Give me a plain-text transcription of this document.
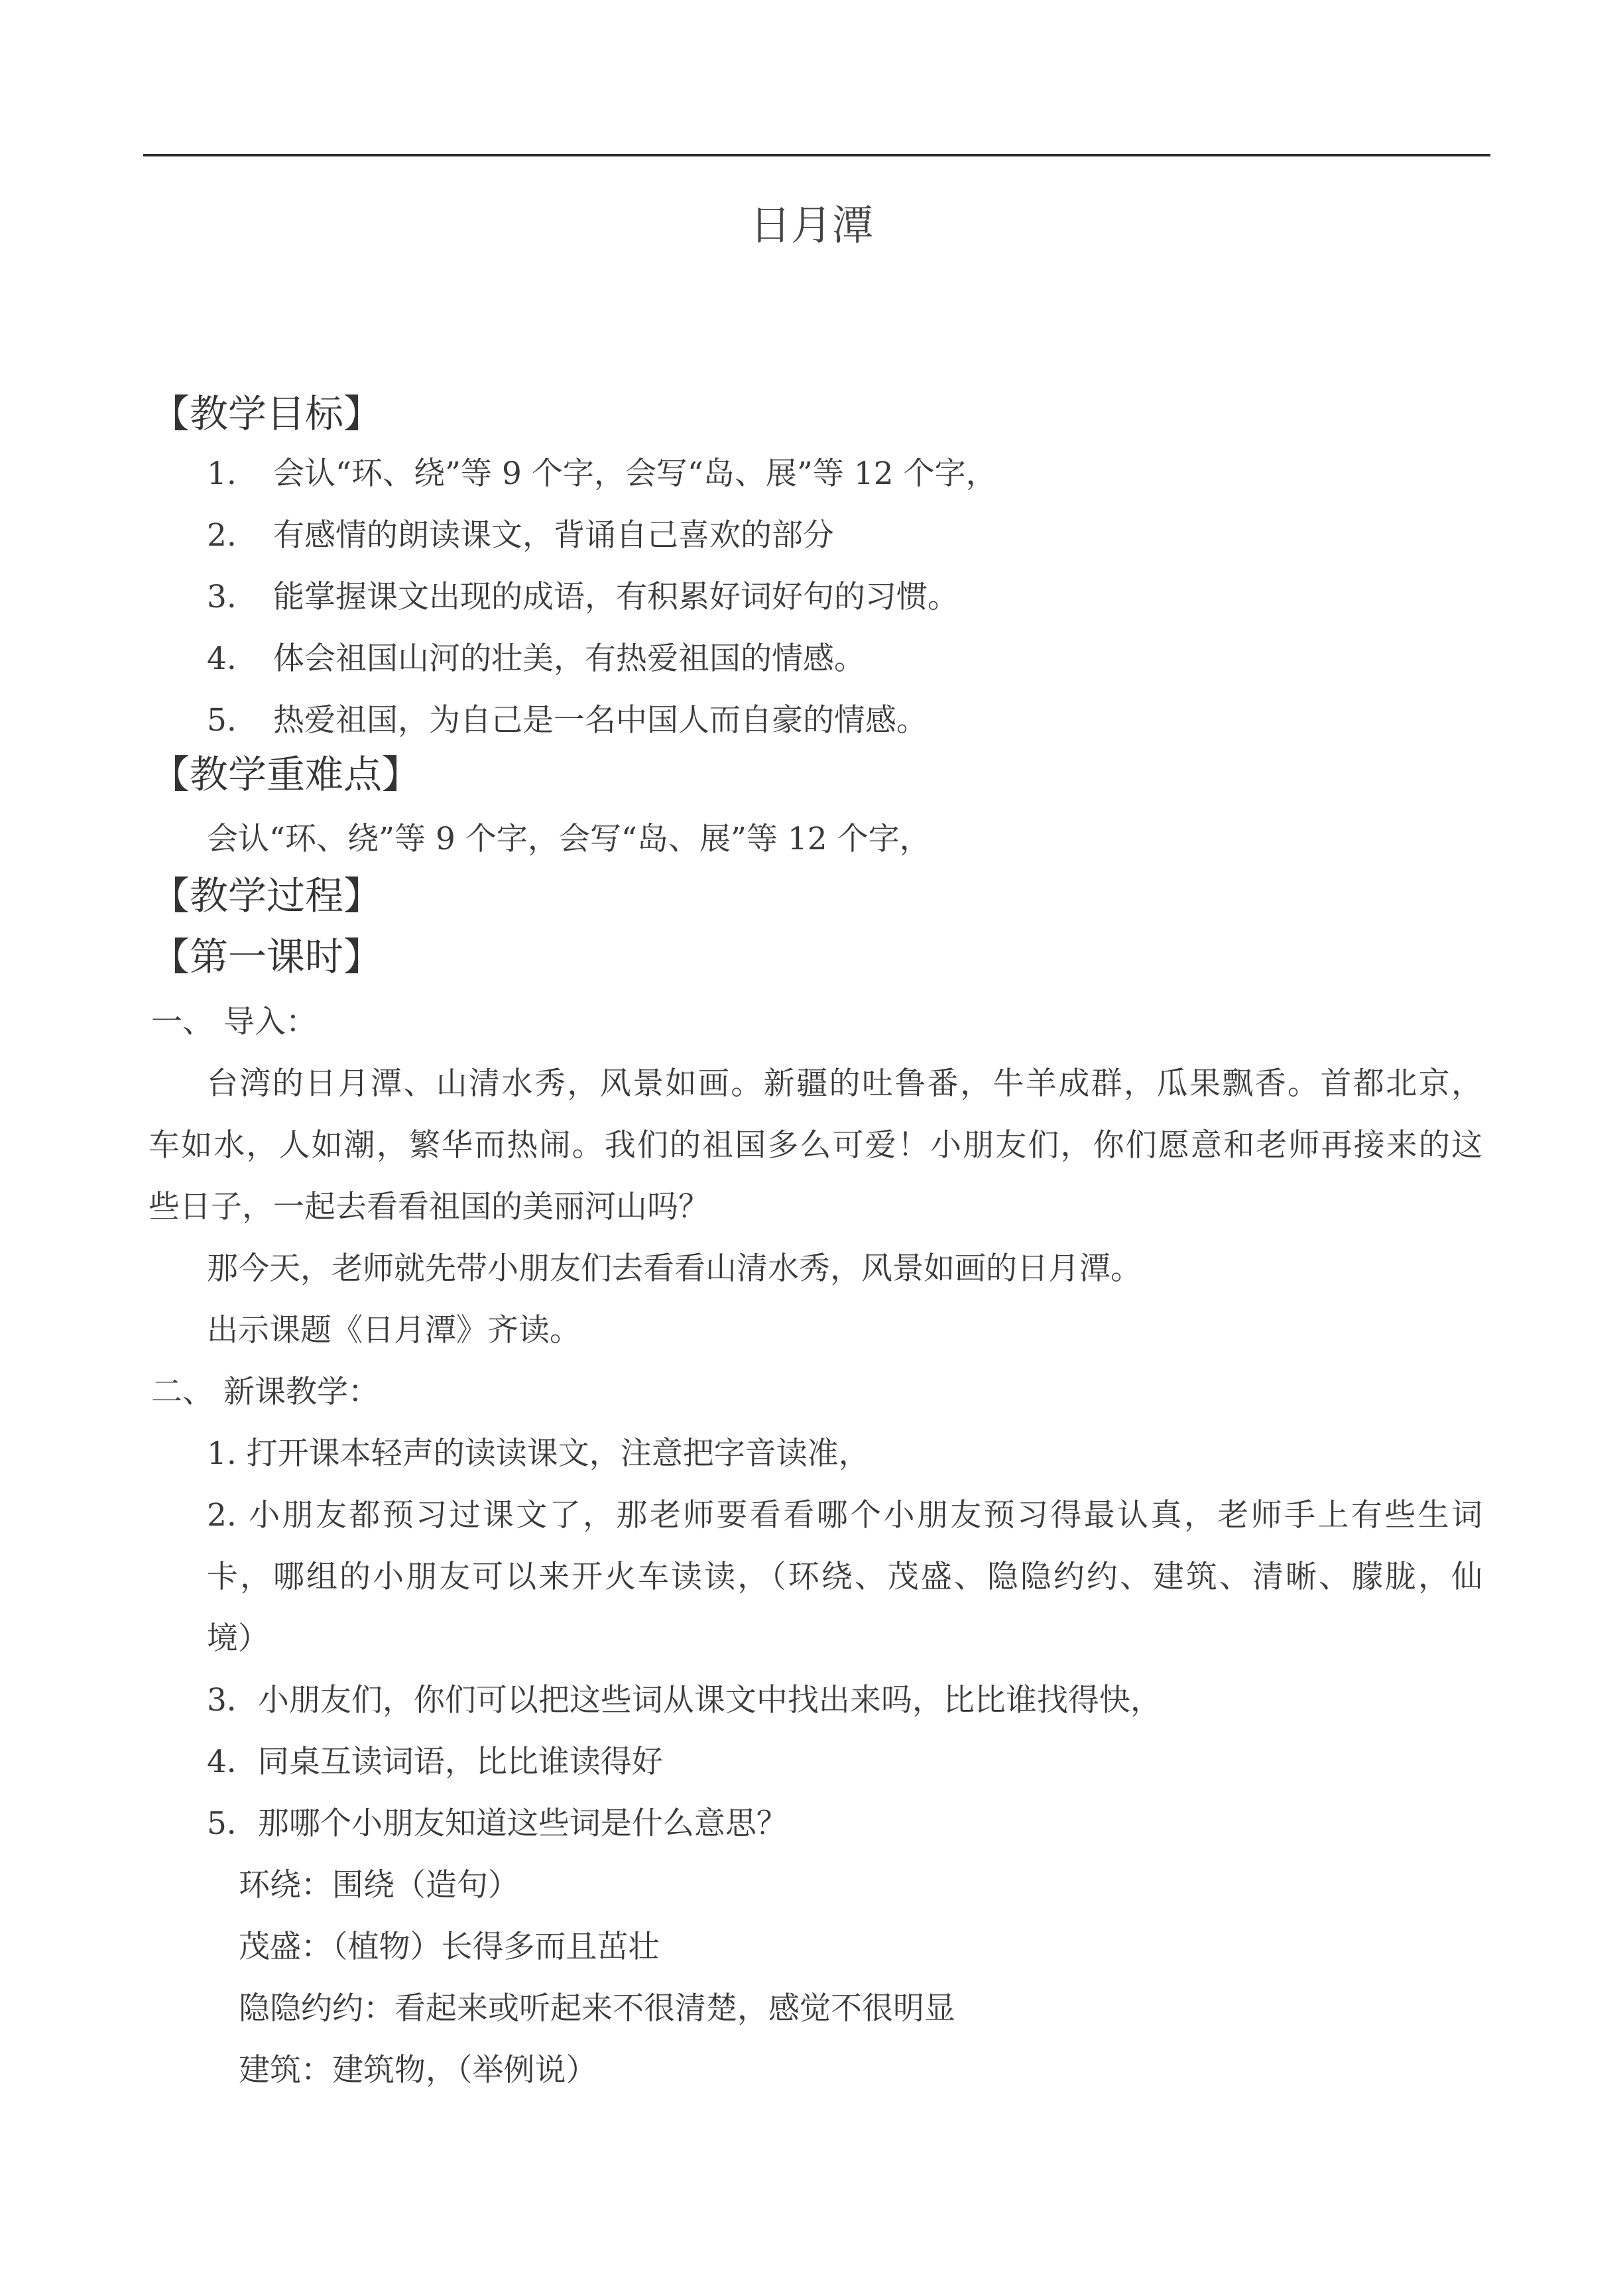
日月潭
【教学目标】
1. 会认“环、绕”等 9 个字，会写“岛、展”等 12 个字，
2. 有感情的朗读课文，背诵自己喜欢的部分
3. 能掌握课文出现的成语，有积累好词好句的习惯。
4. 体会祖国山河的壮美，有热爱祖国的情感。
5. 热爱祖国，为自己是一名中国人而自豪的情感。
【教学重难点】
会认“环、绕”等 9 个字，会写“岛、展”等 12 个字，
【教学过程】
【第一课时】
一、 导入：
台湾的日月潭、山清水秀，风景如画。新疆的吐鲁番，牛羊成群，瓜果飘香。首都北京，
车如水，人如潮，繁华而热闹。我们的祖国多么可爱！小朋友们，你们愿意和老师再接来的这
些日子，一起去看看祖国的美丽河山吗？
那今天，老师就先带小朋友们去看看山清水秀，风景如画的日月潭。
出示课题《日月潭》齐读。
二、 新课教学：
1. 打开课本轻声的读读课文，注意把字音读准，
2. 小朋友都预习过课文了，那老师要看看哪个小朋友预习得最认真，老师手上有些生词
卡，哪组的小朋友可以来开火车读读，（环绕、茂盛、隐隐约约、建筑、清晰、朦胧，仙
境）
3．小朋友们，你们可以把这些词从课文中找出来吗，比比谁找得快，
4．同桌互读词语，比比谁读得好
5．那哪个小朋友知道这些词是什么意思？
环绕：围绕（造句）
茂盛：（植物）长得多而且茁壮
隐隐约约：看起来或听起来不很清楚，感觉不很明显
建筑：建筑物，（举例说）
